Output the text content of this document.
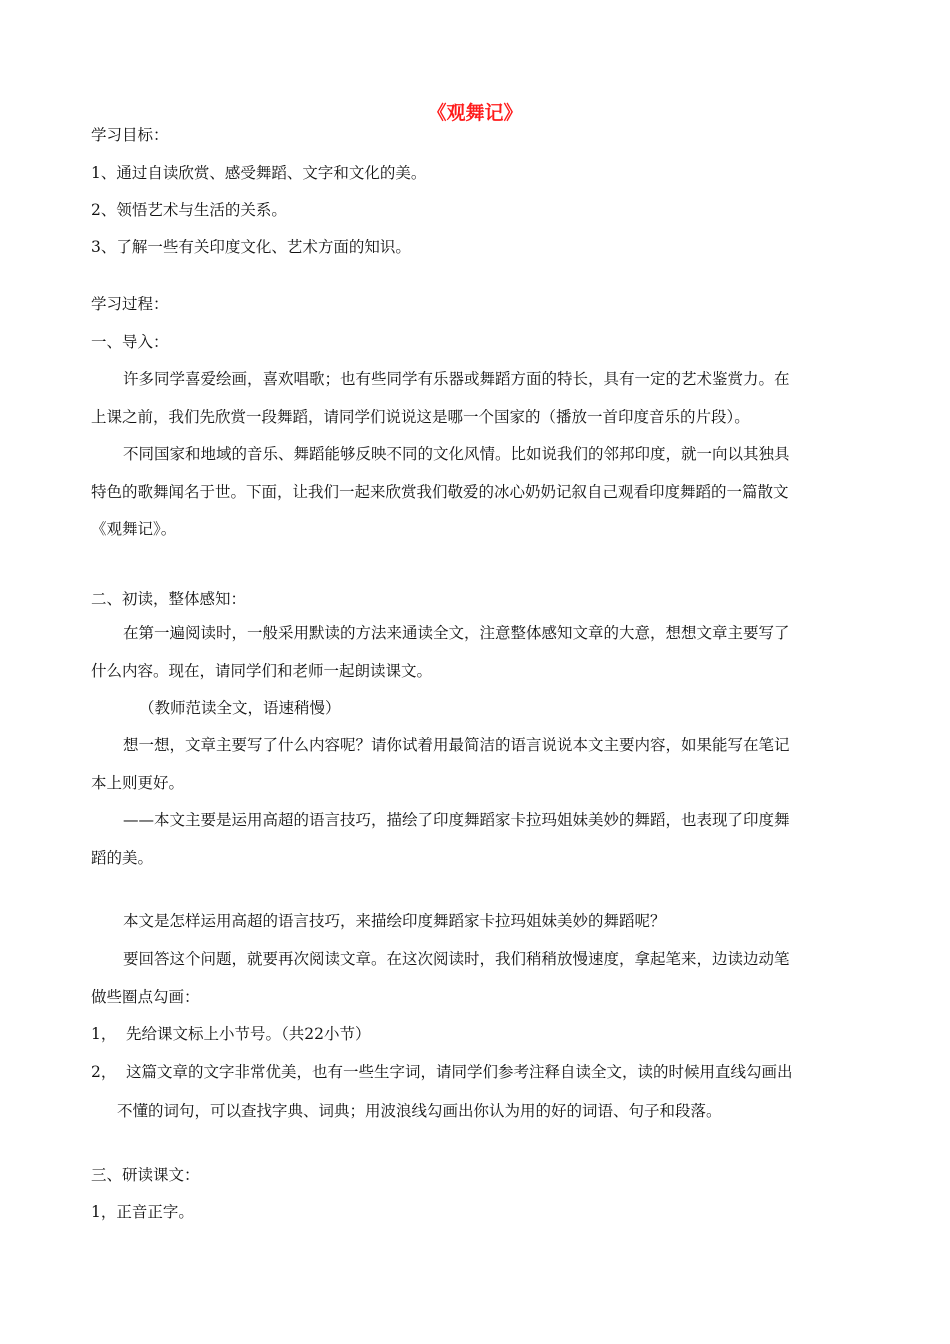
《观舞记》
学习目标：
1、通过自读欣赏、感受舞蹈、文字和文化的美。
2、领悟艺术与生活的关系。
3、了解一些有关印度文化、艺术方面的知识。
学习过程：
一、导入：
许多同学喜爱绘画，喜欢唱歌；也有些同学有乐器或舞蹈方面的特长，具有一定的艺术鉴赏力。在
上课之前，我们先欣赏一段舞蹈，请同学们说说这是哪一个国家的（播放一首印度音乐的片段）。
不同国家和地域的音乐、舞蹈能够反映不同的文化风情。比如说我们的邻邦印度，就一向以其独具
特色的歌舞闻名于世。下面，让我们一起来欣赏我们敬爱的冰心奶奶记叙自己观看印度舞蹈的一篇散文
《观舞记》。
二、初读，整体感知：
在第一遍阅读时，一般采用默读的方法来通读全文，注意整体感知文章的大意，想想文章主要写了
什么内容。现在，请同学们和老师一起朗读课文。
（教师范读全文，语速稍慢）
想一想，文章主要写了什么内容呢？请你试着用最简洁的语言说说本文主要内容，如果能写在笔记
本上则更好。
——本文主要是运用高超的语言技巧，描绘了印度舞蹈家卡拉玛姐妹美妙的舞蹈，也表现了印度舞
蹈的美。
本文是怎样运用高超的语言技巧，来描绘印度舞蹈家卡拉玛姐妹美妙的舞蹈呢？
要回答这个问题，就要再次阅读文章。在这次阅读时，我们稍稍放慢速度，拿起笔来，边读边动笔
做些圈点勾画：
1， 先给课文标上小节号。（共22小节）
2， 这篇文章的文字非常优美，也有一些生字词，请同学们参考注释自读全文，读的时候用直线勾画出
不懂的词句，可以查找字典、词典；用波浪线勾画出你认为用的好的词语、句子和段落。
三、研读课文：
1，正音正字。
